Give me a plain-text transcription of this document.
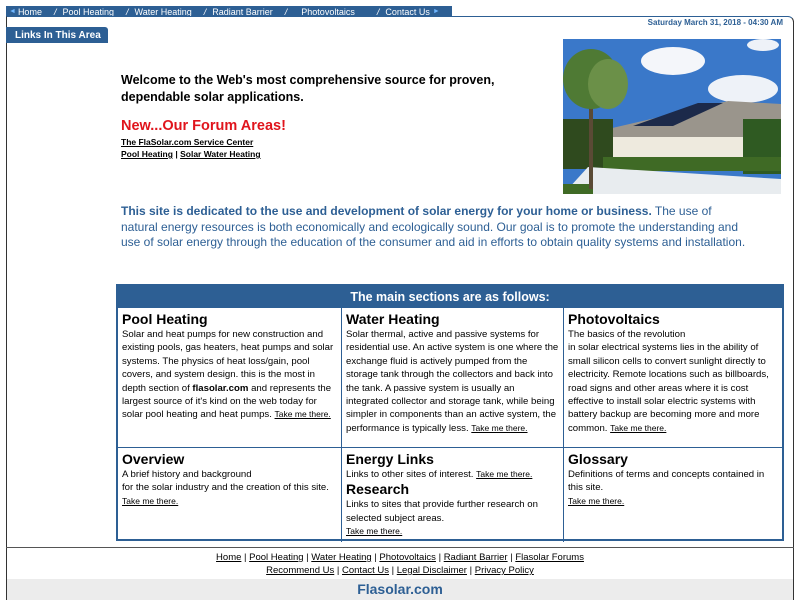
◄ Home / Pool Heating / Water Heating / Radiant Barrier / Photovoltaics / Contact Us ►
Saturday March 31, 2018 - 04:30 AM
Links In This Area
Welcome to the Web's most comprehensive source for proven, dependable solar applications.
New...Our Forum Areas!
The FlaSolar.com Service Center
Pool Heating | Solar Water Heating
This site is dedicated to the use and development of solar energy for your home or business. The use of natural energy resources is both economically and ecologically sound. Our goal is to promote the understanding and use of solar energy through the education of the consumer and aid in efforts to obtain quality systems and installation.
The main sections are as follows:
Pool Heating
Solar and heat pumps for new construction and existing pools, gas heaters, heat pumps and solar systems. The physics of heat loss/gain, pool covers, and system design. this is the most in depth section of flasolar.com and represents the largest source of it's kind on the web today for solar pool heating and heat pumps. Take me there.
Water Heating
Solar thermal, active and passive systems for residential use. An active system is one where the exchange fluid is actively pumped from the storage tank through the collectors and back into the tank. A passive system is usually an integrated collector and storage tank, while being simpler in components than an active system, the performance is typically less. Take me there.
Photovoltaics
The basics of the revolution
in solar electrical systems lies in the ability of small silicon cells to convert sunlight directly to electricity. Remote locations such as billboards, road signs and other areas where it is cost effective to install solar electric systems with battery backup are becoming more and more common. Take me there.
Overview
A brief history and background
for the solar industry and the creation of this site.
Take me there.
Energy Links
Links to other sites of interest. Take me there.
Research
Links to sites that provide further research on selected subject areas.
Take me there.
Glossary
Definitions of terms and concepts contained in this site.
Take me there.
Home | Pool Heating | Water Heating | Photovoltaics | Radiant Barrier | Flasolar Forums
Recommend Us | Contact Us | Legal Disclaimer | Privacy Policy
Flasolar.com
